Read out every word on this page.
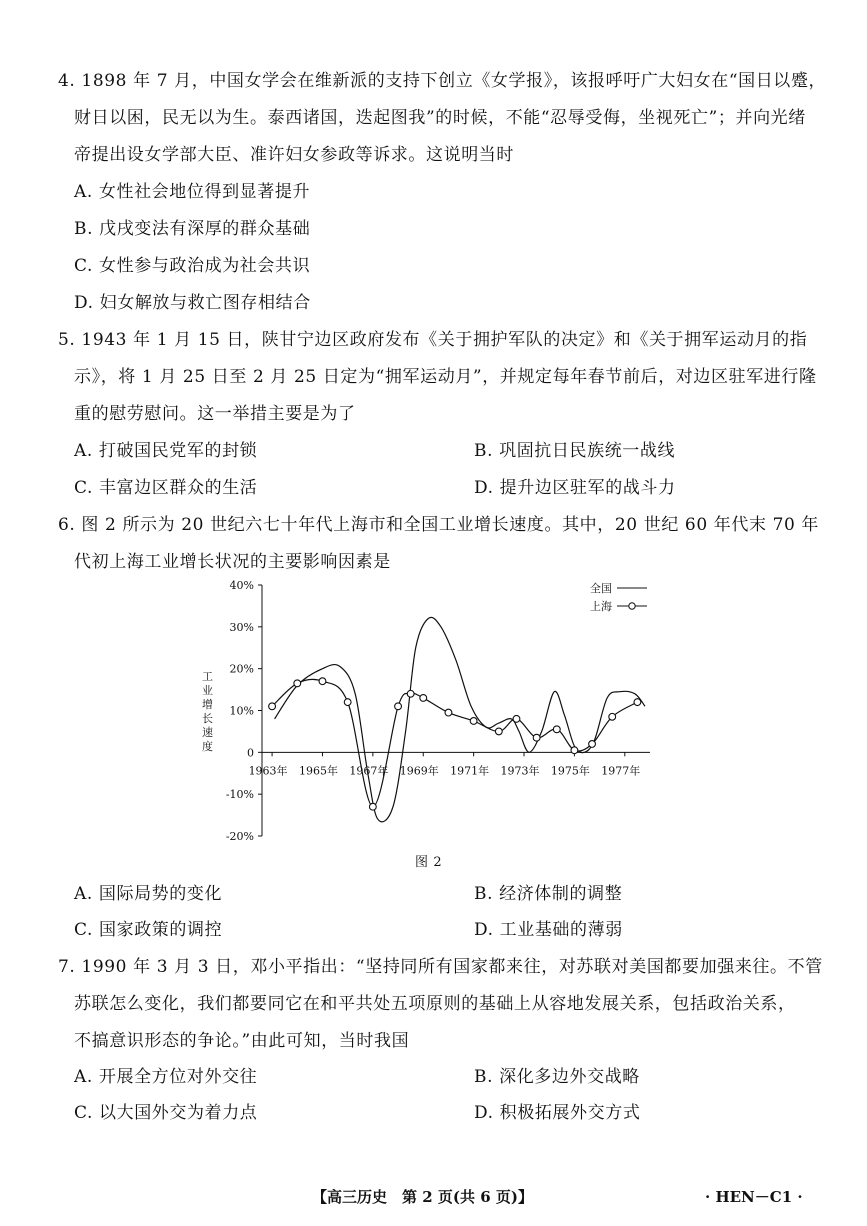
4. 1898 年 7 月，中国女学会在维新派的支持下创立《女学报》，该报呼吁广大妇女在“国日以蹙，
财日以困，民无以为生。泰西诸国，迭起图我”的时候，不能“忍辱受侮，坐视死亡”；并向光绪
帝提出设女学部大臣、准许妇女参政等诉求。这说明当时
A. 女性社会地位得到显著提升
B. 戊戌变法有深厚的群众基础
C. 女性参与政治成为社会共识
D. 妇女解放与救亡图存相结合
5. 1943 年 1 月 15 日，陕甘宁边区政府发布《关于拥护军队的决定》和《关于拥军运动月的指
示》，将 1 月 25 日至 2 月 25 日定为“拥军运动月”，并规定每年春节前后，对边区驻军进行隆
重的慰劳慰问。这一举措主要是为了
A. 打破国民党军的封锁	B. 巩固抗日民族统一战线
C. 丰富边区群众的生活	D. 提升边区驻军的战斗力
6. 图 2 所示为 20 世纪六七十年代上海市和全国工业增长速度。其中，20 世纪 60 年代末 70 年
代初上海工业增长状况的主要影响因素是
40%
30%
20%
10%
0
-10%
-20%
1963年 1965年 1967年 1969年 1971年 1973年 1975年 1977年
工
业
增
长
速
度
全国
上海
图 2
A. 国际局势的变化	B. 经济体制的调整
C. 国家政策的调控	D. 工业基础的薄弱
7. 1990 年 3 月 3 日，邓小平指出：“坚持同所有国家都来往，对苏联对美国都要加强来往。不管
苏联怎么变化，我们都要同它在和平共处五项原则的基础上从容地发展关系，包括政治关系，
不搞意识形态的争论。”由此可知，当时我国
A. 开展全方位对外交往	B. 深化多边外交战略
C. 以大国外交为着力点	D. 积极拓展外交方式
【高三历史　第 2 页(共 6 页)】	· HEN－C1 ·
